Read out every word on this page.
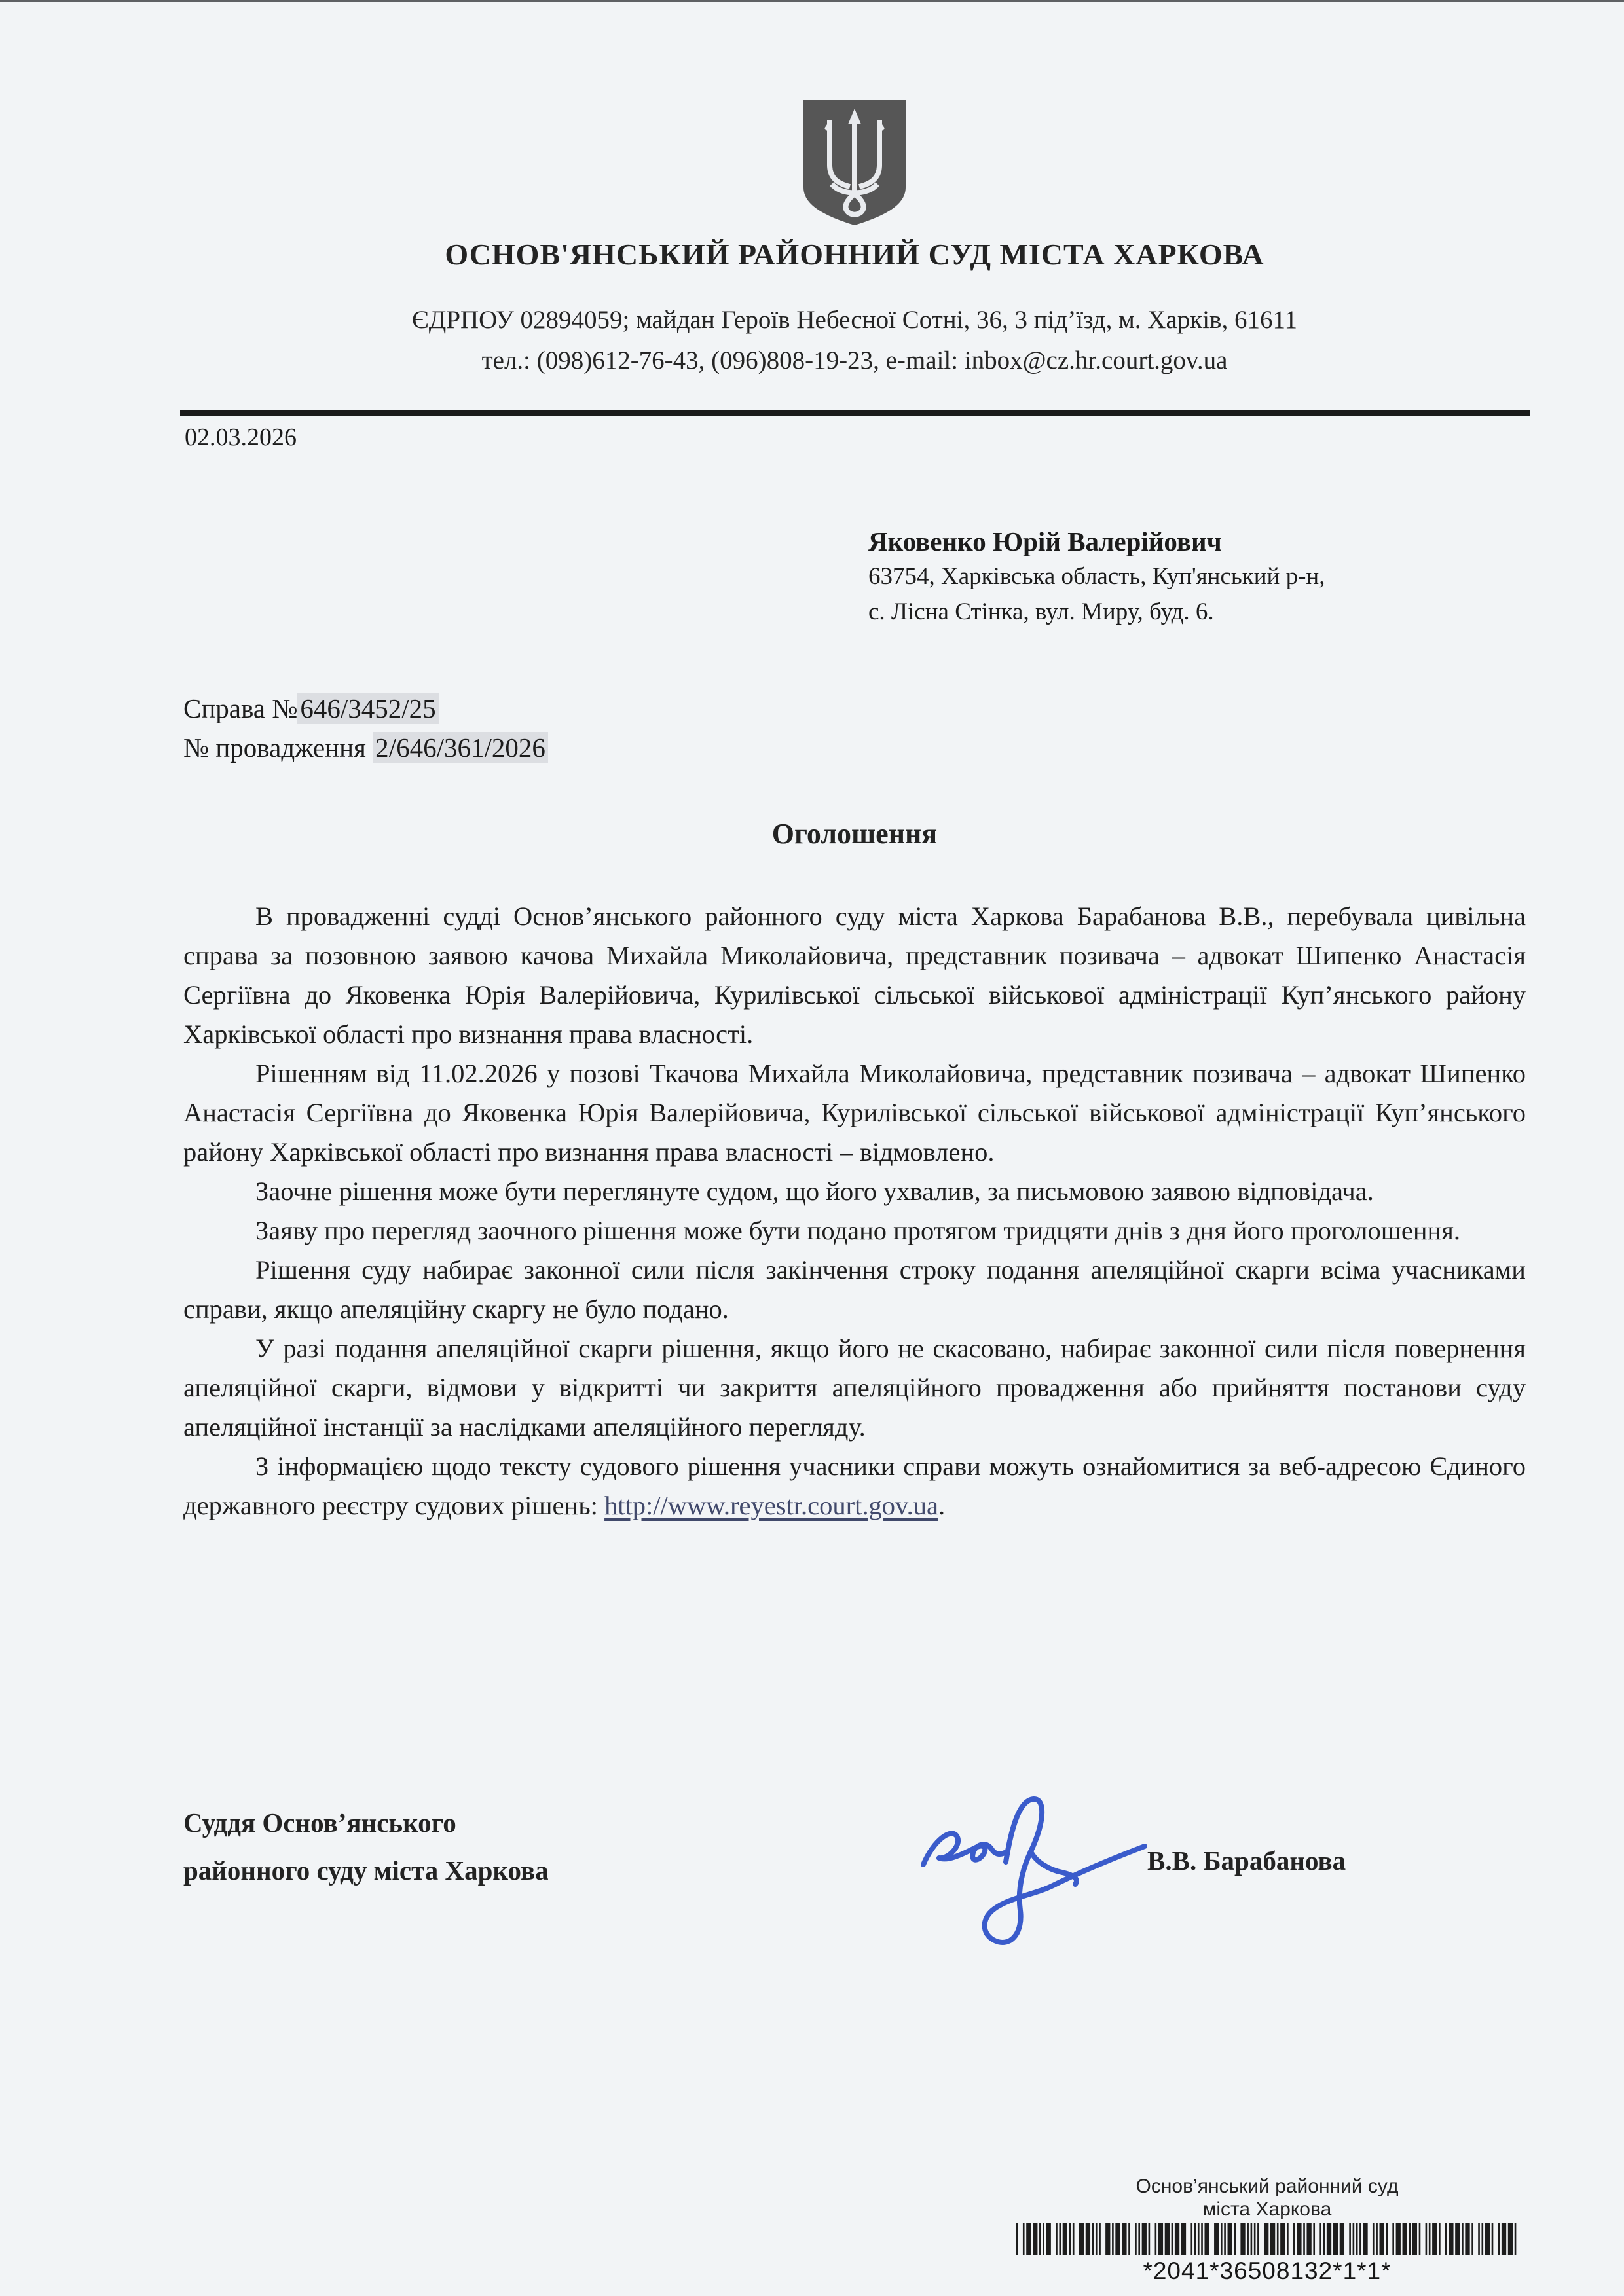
ОСНОВ'ЯНСЬКИЙ РАЙОННИЙ СУД МІСТА ХАРКОВА
ЄДРПОУ 02894059; майдан Героїв Небесної Сотні, 36, 3 під’їзд, м. Харків, 61611
тел.: (098)612-76-43, (096)808-19-23, e-mail: inbox@cz.hr.court.gov.ua
02.03.2026
Яковенко Юрій Валерійович
63754, Харківська область, Куп'янський р-н,
с. Лісна Стінка, вул. Миру, буд. 6.
Справа №646/3452/25
№ провадження 2/646/361/2026
Оголошення

В провадженні судді Основ’янського районного суду міста Харкова Барабанова В.В., перебувала цивільна справа за позовною заявою качова Михайла Миколайовича, представник позивача – адвокат Шипенко Анастасія Сергіївна до Яковенка Юрія Валерійовича, Курилівської сільської військової адміністрації Куп’янського району Харківської області про визнання права власності.

Рішенням від 11.02.2026 у позові Ткачова Михайла Миколайовича, представник позивача – адвокат Шипенко Анастасія Сергіївна до Яковенка Юрія Валерійовича, Курилівської сільської військової адміністрації Куп’янського району Харківської області про визнання права власності – відмовлено.

Заочне рішення може бути переглянуте судом, що його ухвалив, за письмовою заявою відповідача.

Заяву про перегляд заочного рішення може бути подано протягом тридцяти днів з дня його проголошення.

Рішення суду набирає законної сили після закінчення строку подання апеляційної скарги всіма учасниками справи, якщо апеляційну скаргу не було подано.

У разі подання апеляційної скарги рішення, якщо його не скасовано, набирає законної сили після повернення апеляційної скарги, відмови у відкритті чи закриття апеляційного провадження або прийняття постанови суду апеляційної інстанції за наслідками апеляційного перегляду.

З інформацією щодо тексту судового рішення учасники справи можуть ознайомитися за веб-адресою Єдиного державного реєстру судових рішень: http://www.reyestr.court.gov.ua.

Суддя Основ’янського
районного суду міста Харкова	В.В. Барабанова
Основ’янський районний суд
міста Харкова
*2041*36508132*1*1*
